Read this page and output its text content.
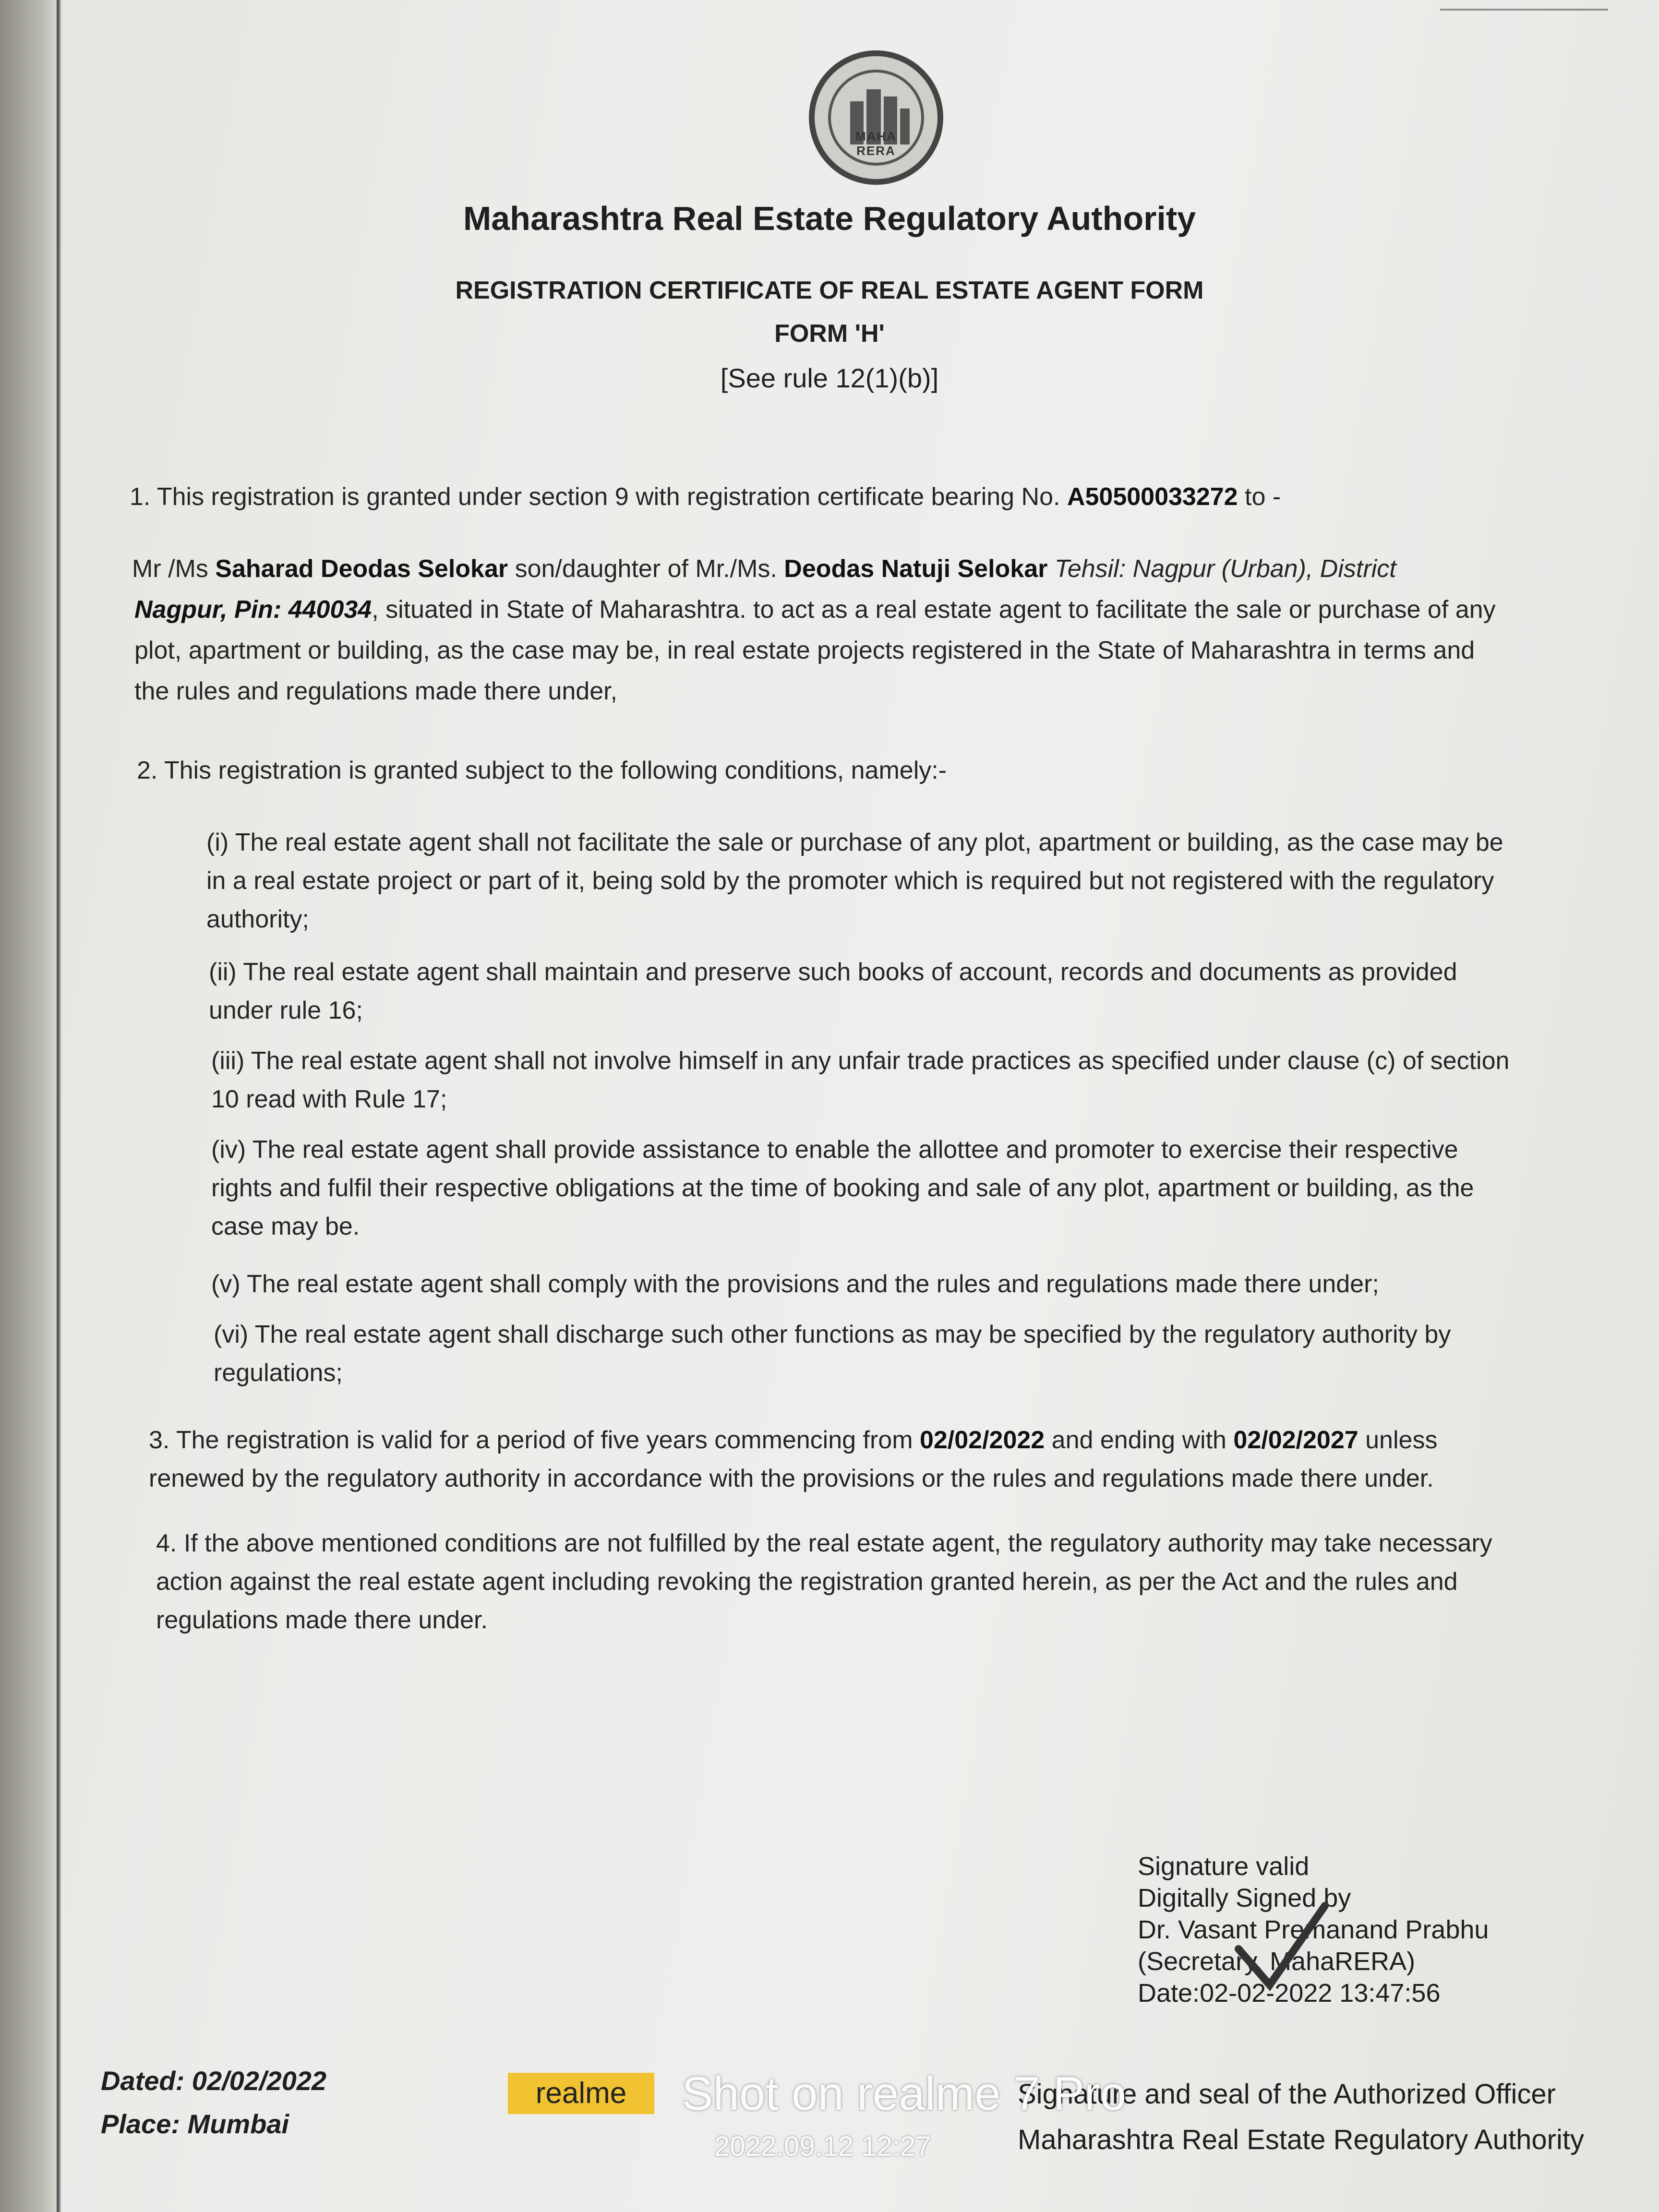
MAHA
RERA
Maharashtra Real Estate Regulatory Authority
REGISTRATION CERTIFICATE OF REAL ESTATE AGENT FORM
FORM 'H'
[See rule 12(1)(b)]
1. This registration is granted under section 9 with registration certificate bearing No. A50500033272 to -
Mr /Ms Saharad Deodas Selokar son/daughter of Mr./Ms. Deodas Natuji Selokar Tehsil: Nagpur (Urban), District
Nagpur, Pin: 440034, situated in State of Maharashtra. to act as a real estate agent to facilitate the sale or purchase of any
plot, apartment or building, as the case may be, in real estate projects registered in the State of Maharashtra in terms and
the rules and regulations made there under,
2. This registration is granted subject to the following conditions, namely:-
(i) The real estate agent shall not facilitate the sale or purchase of any plot, apartment or building, as the case may be
in a real estate project or part of it, being sold by the promoter which is required but not registered with the regulatory
authority;
(ii) The real estate agent shall maintain and preserve such books of account, records and documents as provided
under rule 16;
(iii) The real estate agent shall not involve himself in any unfair trade practices as specified under clause (c) of section
10 read with Rule 17;
(iv) The real estate agent shall provide assistance to enable the allottee and promoter to exercise their respective
rights and fulfil their respective obligations at the time of booking and sale of any plot, apartment or building, as the
case may be.
(v) The real estate agent shall comply with the provisions and the rules and regulations made there under;
(vi) The real estate agent shall discharge such other functions as may be specified by the regulatory authority by
regulations;
3. The registration is valid for a period of five years commencing from 02/02/2022 and ending with 02/02/2027 unless
renewed by the regulatory authority in accordance with the provisions or the rules and regulations made there under.
4. If the above mentioned conditions are not fulfilled by the real estate agent, the regulatory authority may take necessary
action against the real estate agent including revoking the registration granted herein, as per the Act and the rules and
regulations made there under.
Signature valid
Digitally Signed by
Dr. Vasant Premanand Prabhu
(Secretary, MahaRERA)
Date:02-02-2022 13:47:56
Dated: 02/02/2022
Place: Mumbai
Signature and seal of the Authorized Officer
Maharashtra Real Estate Regulatory Authority
realme	Shot on realme 7 Pro
2022.09.12 12:27
